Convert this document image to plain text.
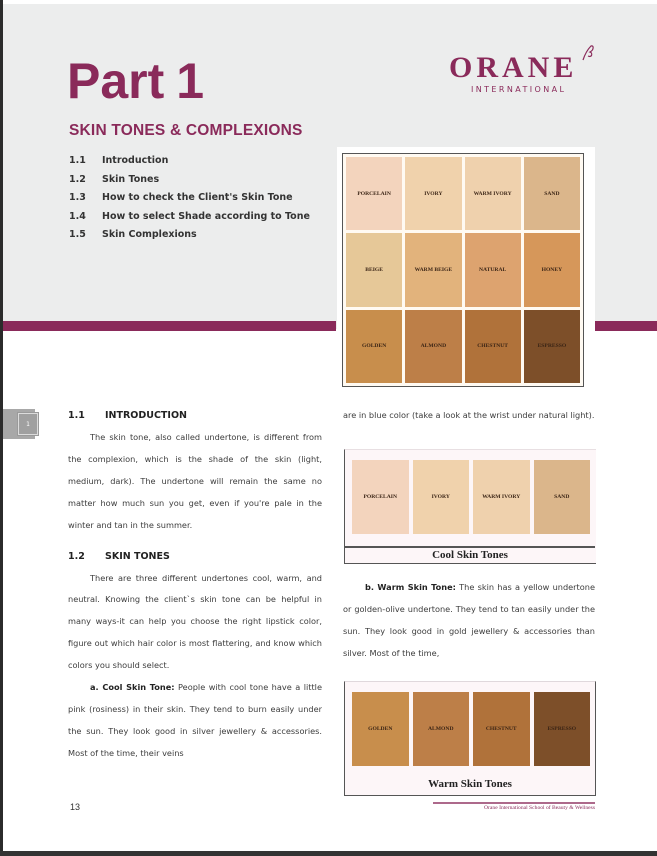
Part 1	ORANE
INTERNATIONAL
SKIN TONES & COMPLEXIONS
1.1	Introduction
1.2	Skin Tones
1.3	How to check the Client's Skin Tone
1.4	How to select Shade according to Tone
1.5	Skin Complexions
PORCELAIN	IVORY	WARM IVORY	SAND
BEIGE	WARM BEIGE	NATURAL	HONEY
GOLDEN	ALMOND	CHESTNUT	ESPRESSO
1
1.1	INTRODUCTION

The skin tone, also called undertone, is different from the complexion, which is the shade of the skin (light, medium, dark). The undertone will remain the same no matter how much sun you get, even if you're pale in the winter and tan in the summer.

1.2	SKIN TONES

There are three different undertones cool, warm, and neutral. Knowing the client`s skin tone can be helpful in many ways-it can help you choose the right lipstick color, figure out which hair color is most flattering, and know which colors you should select.

a. Cool Skin Tone: People with cool tone have a little pink (rosiness) in their skin. They tend to burn easily under the sun. They look good in silver jewellery & accessories. Most of the time, their veins

are in blue color (take a look at the wrist under natural light).

PORCELAIN	IVORY	WARM IVORY	SAND
Cool Skin Tones

b. Warm Skin Tone: The skin has a yellow undertone or golden-olive undertone. They tend to tan easily under the sun. They look good in gold jewellery & accessories than silver. Most of the time,

GOLDEN	ALMOND	CHESTNUT	ESPRESSO
Warm Skin Tones
13	Orane International School of Beauty & Wellness
